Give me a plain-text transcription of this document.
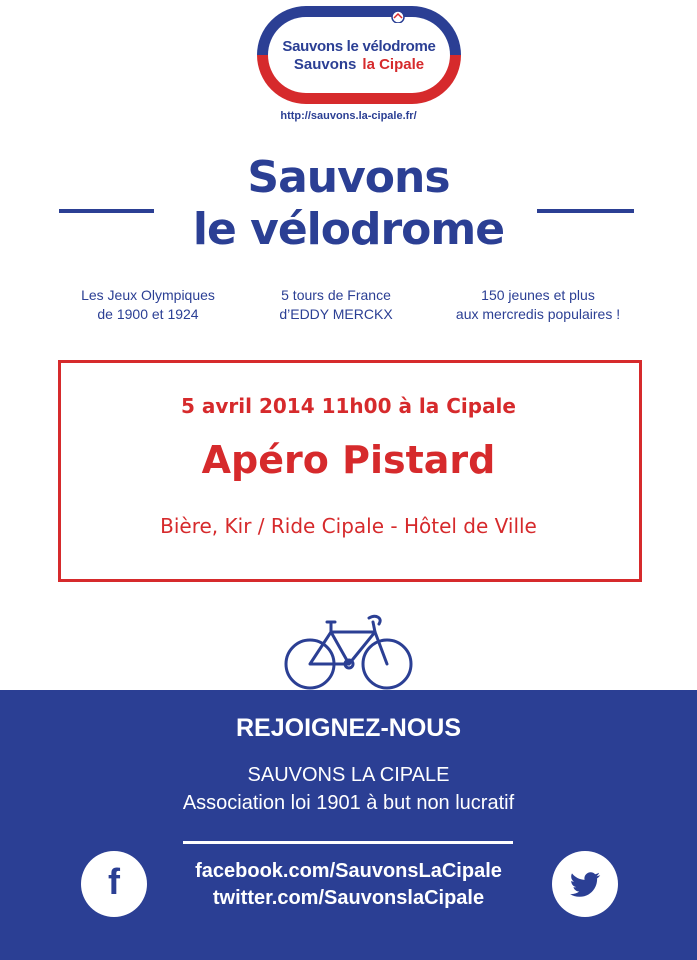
Sauvons le vélodrome
Sauvons la Cipale
http://sauvons.la-cipale.fr/
Sauvons
le vélodrome
Les Jeux Olympiques
de 1900 et 1924
5 tours de France
d’EDDY MERCKX
150 jeunes et plus
aux mercredis populaires !
5 avril 2014 11h00 à la Cipale
Apéro Pistard
Bière, Kir / Ride Cipale - Hôtel de Ville
REJOIGNEZ-NOUS
SAUVONS LA CIPALE
Association loi 1901 à but non lucratif
f	facebook.com/SauvonsLaCipale
twitter.com/SauvonslaCipale
